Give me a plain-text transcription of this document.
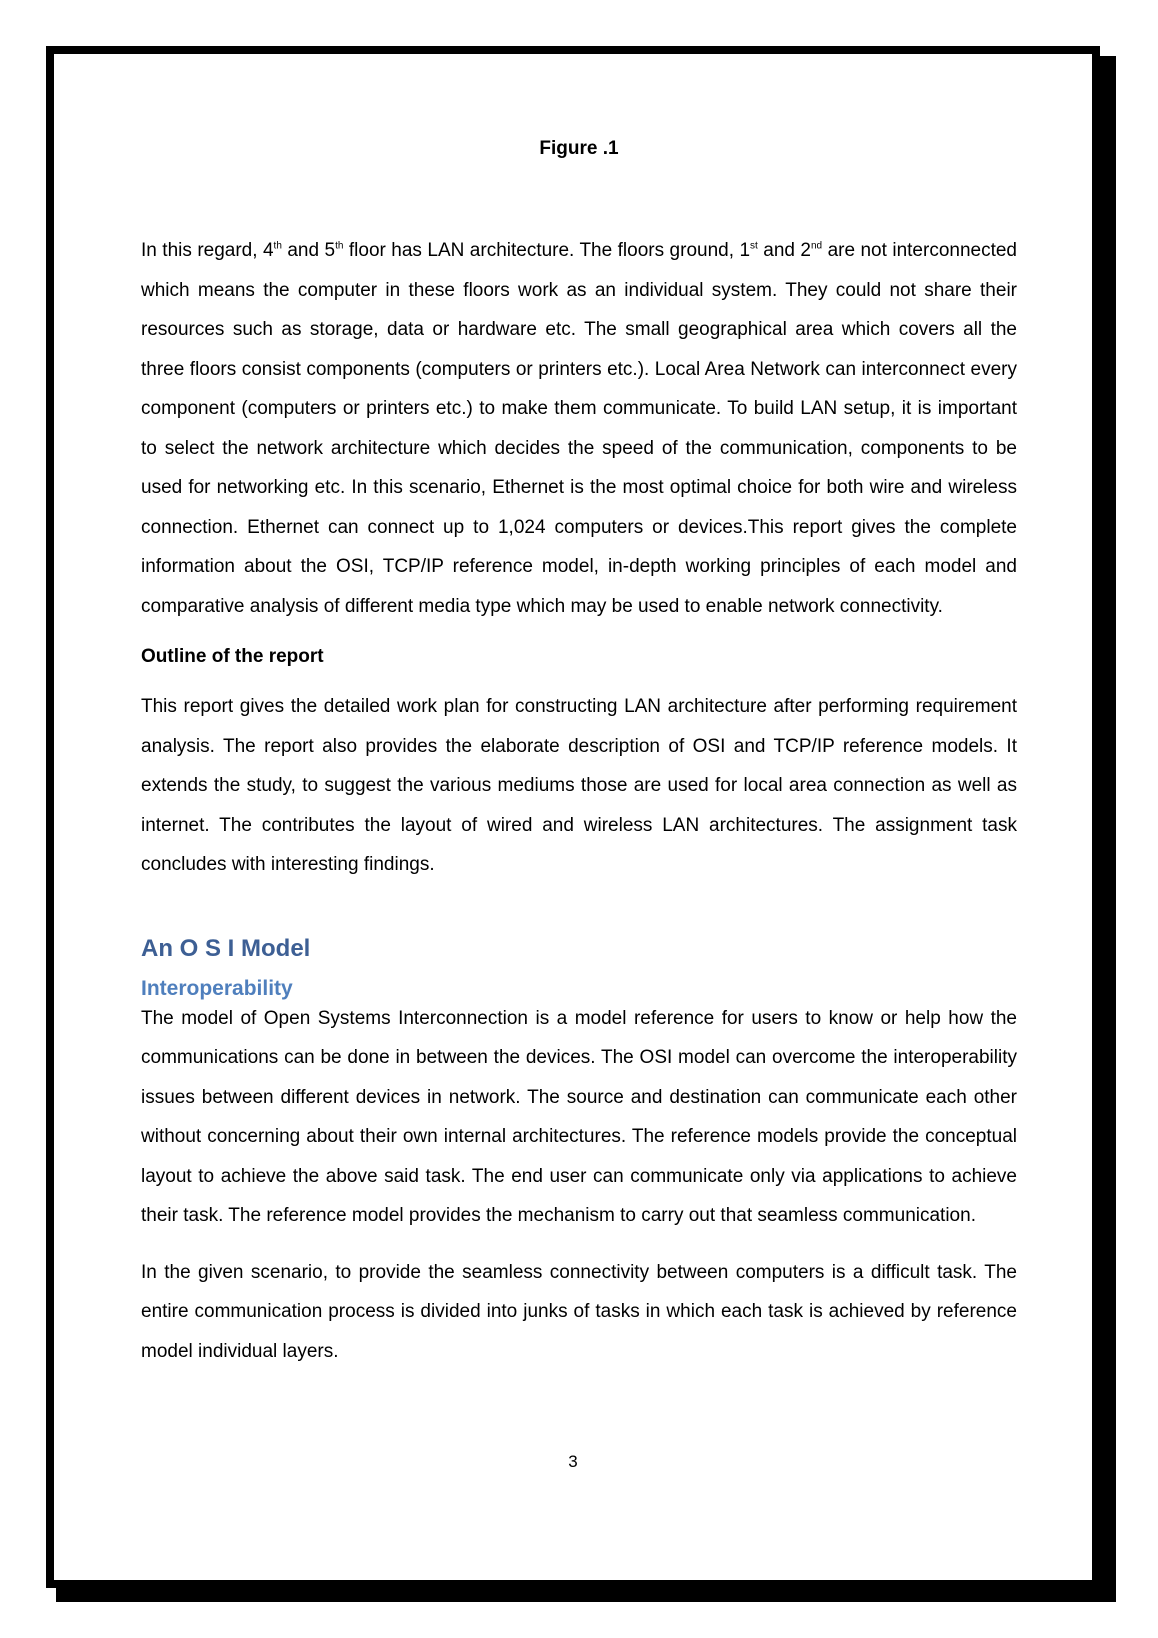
Figure .1

In this regard, 4th and 5th floor has LAN architecture. The floors ground, 1st and 2nd are not interconnected which means the computer in these floors work as an individual system. They could not share their resources such as storage, data or hardware etc. The small geographical area which covers all the three floors consist components (computers or printers etc.). Local Area Network can interconnect every component (computers or printers etc.) to make them communicate. To build LAN setup, it is important to select the network architecture which decides the speed of the communication, components to be used for networking etc. In this scenario, Ethernet is the most optimal choice for both wire and wireless connection. Ethernet can connect up to 1,024 computers or devices.This report gives the complete information about the OSI, TCP/IP reference model, in-depth working principles of each model and comparative analysis of different media type which may be used to enable network connectivity.

Outline of the report

This report gives the detailed work plan for constructing LAN architecture after performing requirement analysis. The report also provides the elaborate description of OSI and TCP/IP reference models. It extends the study, to suggest the various mediums those are used for local area connection as well as internet. The contributes the layout of wired and wireless LAN architectures. The assignment task concludes with interesting findings.

An O S I Model

Interoperability

The model of Open Systems Interconnection is a model reference for users to know or help how the communications can be done in between the devices. The OSI model can overcome the interoperability issues between different devices in network. The source and destination can communicate each other without concerning about their own internal architectures. The reference models provide the conceptual layout to achieve the above said task. The end user can communicate only via applications to achieve their task. The reference model provides the mechanism to carry out that seamless communication.

In the given scenario, to provide the seamless connectivity between computers is a difficult task. The entire communication process is divided into junks of tasks in which each task is achieved by reference model individual layers.

3
